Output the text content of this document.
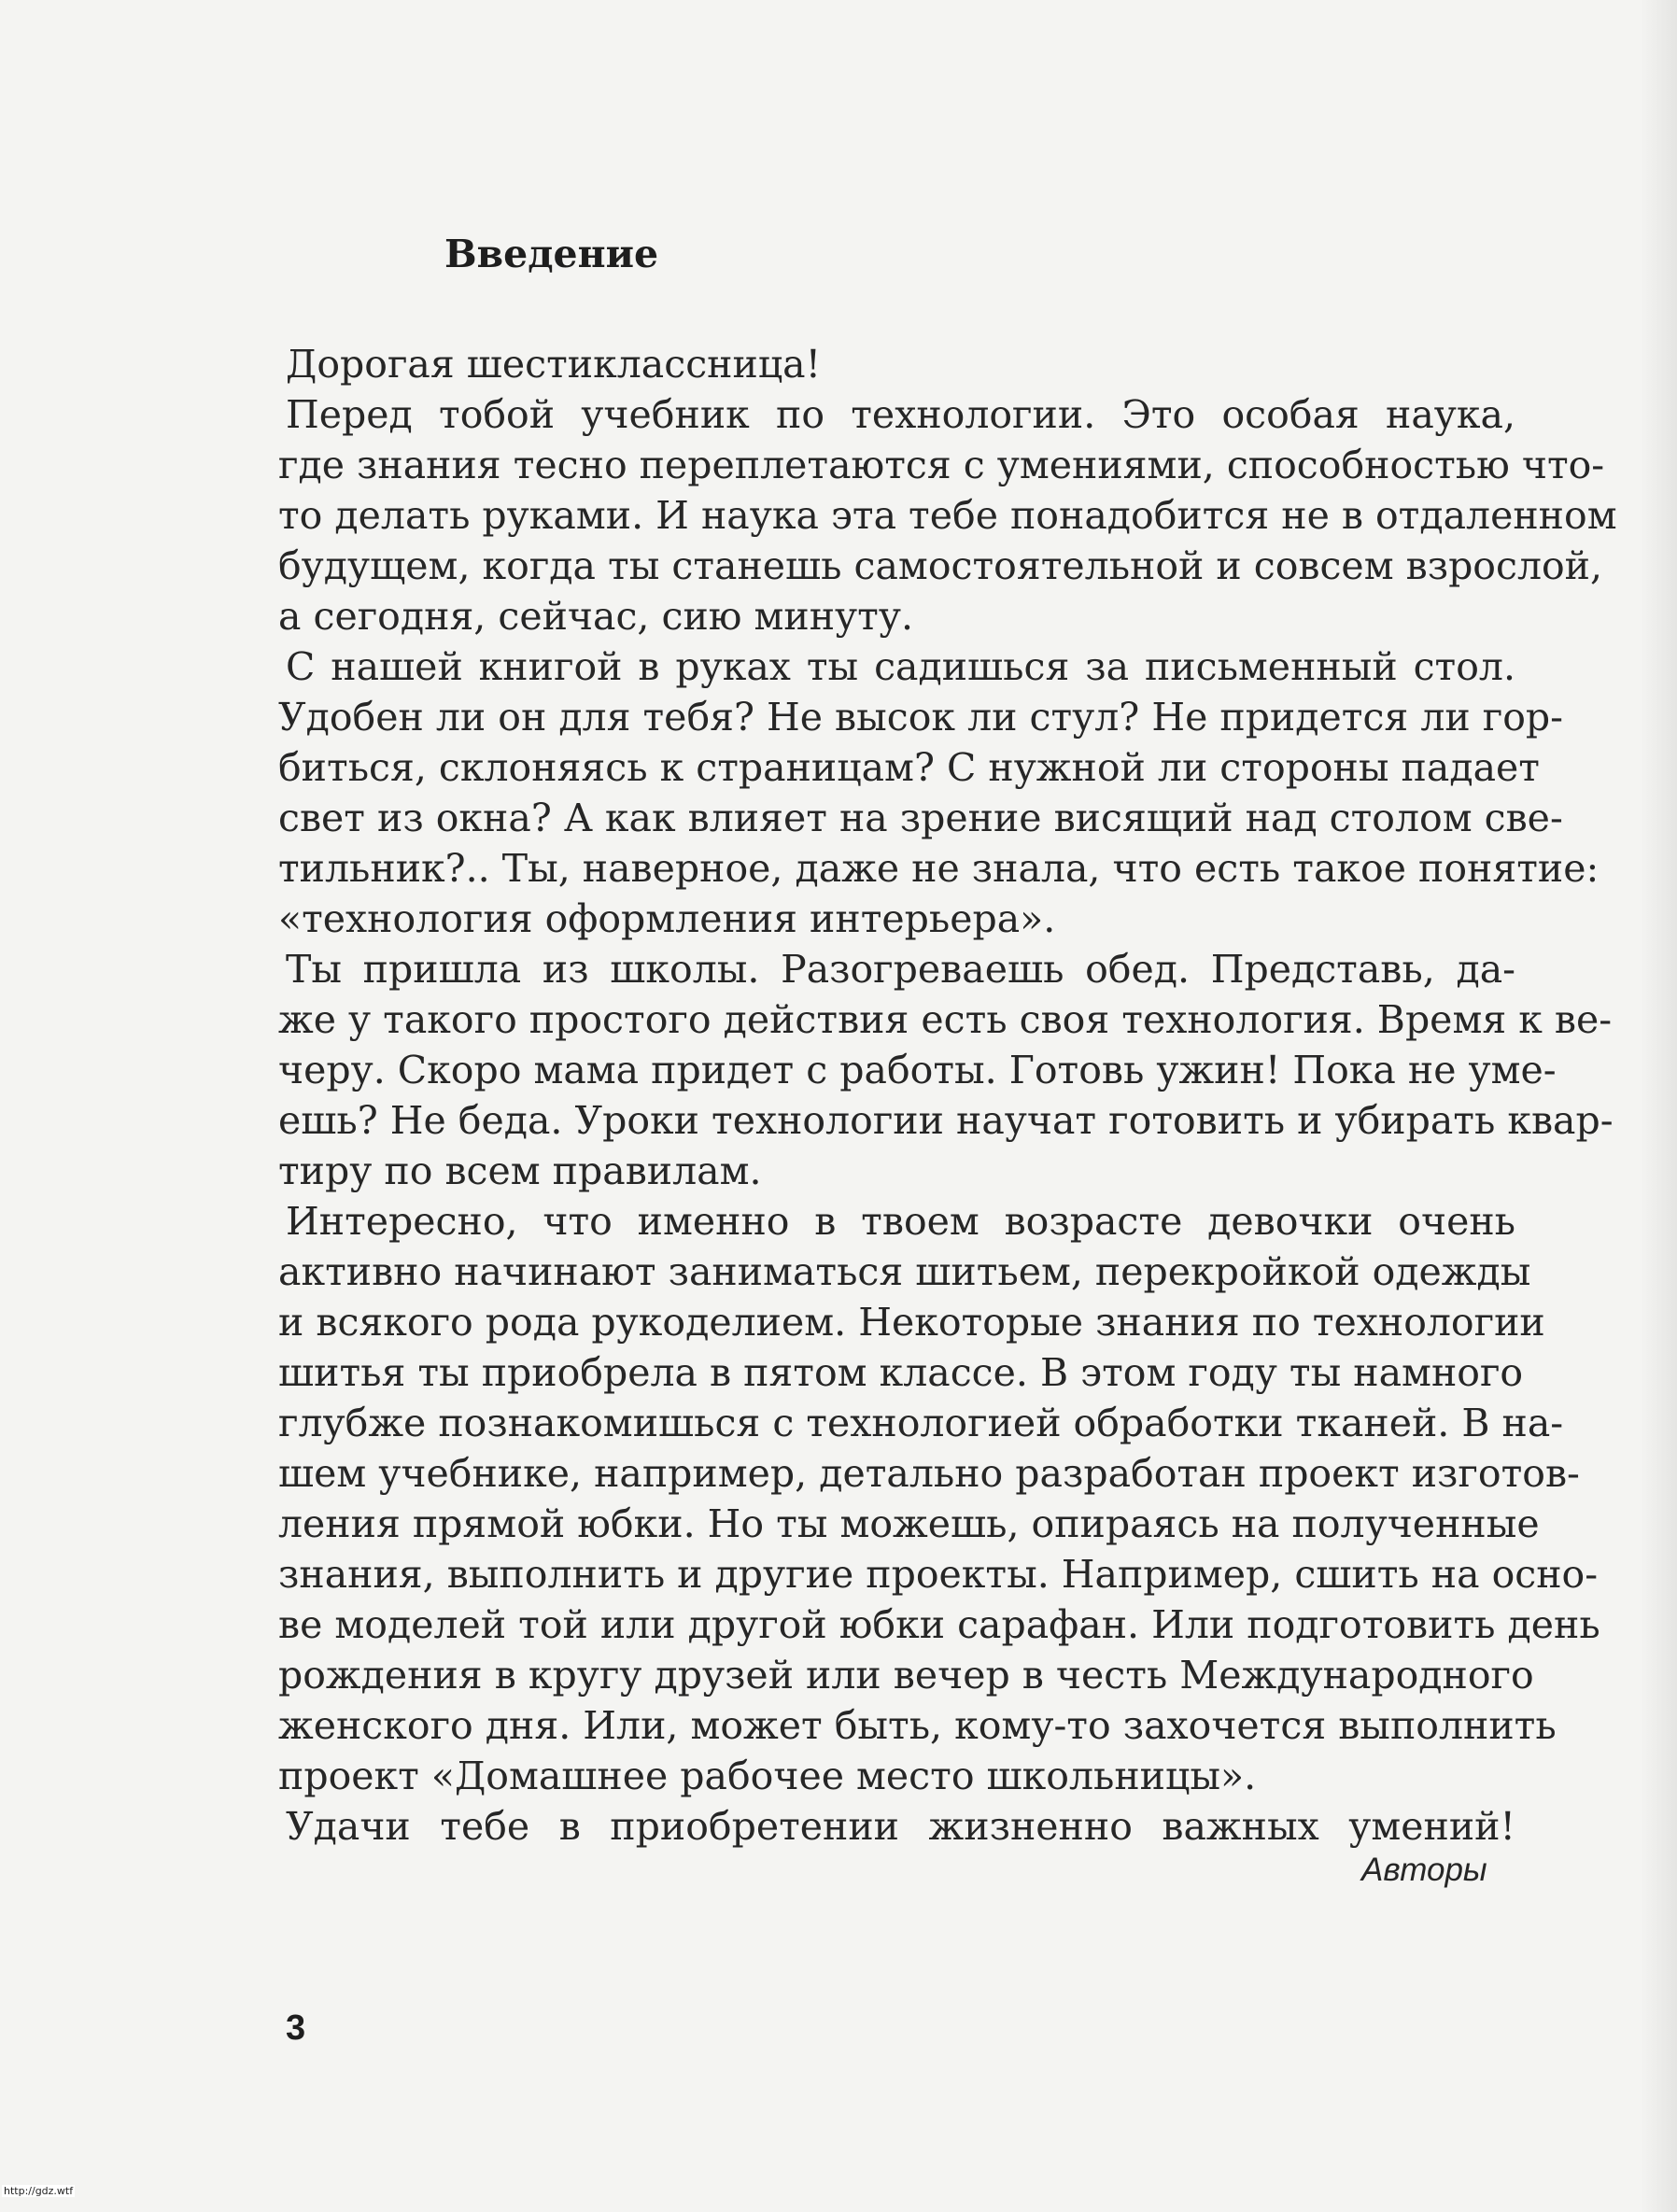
Введение
Дорогая шестиклассница!
Перед тобой учебник по технологии. Это особая наука,
где знания тесно переплетаются с умениями, способностью что-
то делать руками. И наука эта тебе понадобится не в отдаленном
будущем, когда ты станешь самостоятельной и совсем взрослой,
а сегодня, сейчас, сию минуту.
С нашей книгой в руках ты садишься за письменный стол.
Удобен ли он для тебя? Не высок ли стул? Не придется ли гор-
биться, склоняясь к страницам? С нужной ли стороны падает
свет из окна? А как влияет на зрение висящий над столом све-
тильник?.. Ты, наверное, даже не знала, что есть такое понятие:
«технология оформления интерьера».
Ты пришла из школы. Разогреваешь обед. Представь, да-
же у такого простого действия есть своя технология. Время к ве-
черу. Скоро мама придет с работы. Готовь ужин! Пока не уме-
ешь? Не беда. Уроки технологии научат готовить и убирать квар-
тиру по всем правилам.
Интересно, что именно в твоем возрасте девочки очень
активно начинают заниматься шитьем, перекройкой одежды
и всякого рода рукоделием. Некоторые знания по технологии
шитья ты приобрела в пятом классе. В этом году ты намного
глубже познакомишься с технологией обработки тканей. В на-
шем учебнике, например, детально разработан проект изготов-
ления прямой юбки. Но ты можешь, опираясь на полученные
знания, выполнить и другие проекты. Например, сшить на осно-
ве моделей той или другой юбки сарафан. Или подготовить день
рождения в кругу друзей или вечер в честь Международного
женского дня. Или, может быть, кому-то захочется выполнить
проект «Домашнее рабочее место школьницы».
Удачи тебе в приобретении жизненно важных умений!
Авторы
3
http://gdz.wtf
